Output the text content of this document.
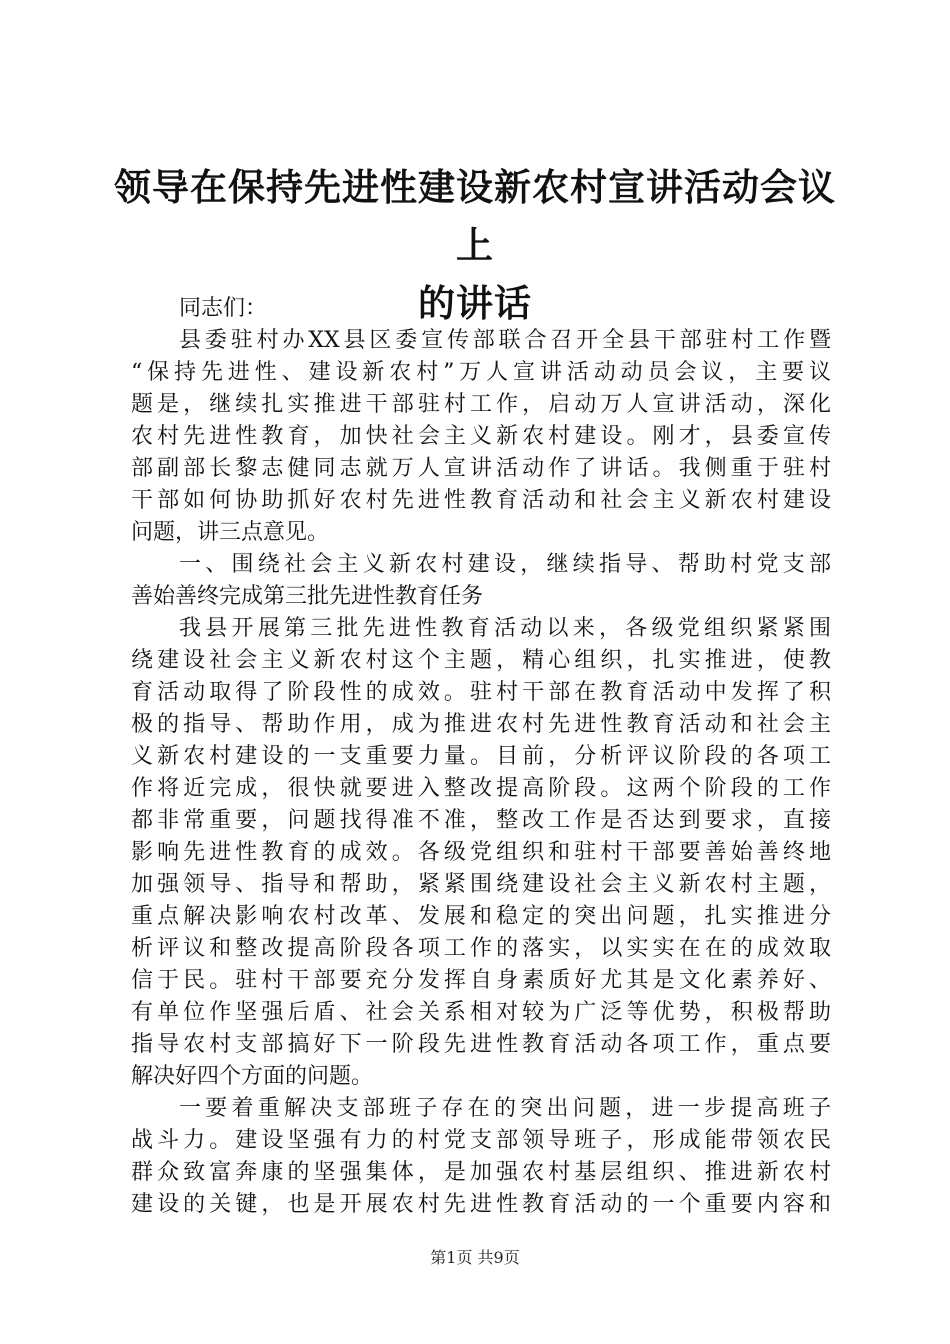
领导在保持先进性建设新农村宣讲活动会议上
的讲话
同志们：
县委驻村办XX县区委宣传部联合召开全县干部驻村工作暨
“保持先进性、建设新农村”万人宣讲活动动员会议，主要议
题是，继续扎实推进干部驻村工作，启动万人宣讲活动，深化
农村先进性教育，加快社会主义新农村建设。刚才，县委宣传
部副部长黎志健同志就万人宣讲活动作了讲话。我侧重于驻村
干部如何协助抓好农村先进性教育活动和社会主义新农村建设
问题，讲三点意见。
一、围绕社会主义新农村建设，继续指导、帮助村党支部
善始善终完成第三批先进性教育任务
我县开展第三批先进性教育活动以来，各级党组织紧紧围
绕建设社会主义新农村这个主题，精心组织，扎实推进，使教
育活动取得了阶段性的成效。驻村干部在教育活动中发挥了积
极的指导、帮助作用，成为推进农村先进性教育活动和社会主
义新农村建设的一支重要力量。目前，分析评议阶段的各项工
作将近完成，很快就要进入整改提高阶段。这两个阶段的工作
都非常重要，问题找得准不准，整改工作是否达到要求，直接
影响先进性教育的成效。各级党组织和驻村干部要善始善终地
加强领导、指导和帮助，紧紧围绕建设社会主义新农村主题，
重点解决影响农村改革、发展和稳定的突出问题，扎实推进分
析评议和整改提高阶段各项工作的落实，以实实在在的成效取
信于民。驻村干部要充分发挥自身素质好尤其是文化素养好、
有单位作坚强后盾、社会关系相对较为广泛等优势，积极帮助
指导农村支部搞好下一阶段先进性教育活动各项工作，重点要
解决好四个方面的问题。
一要着重解决支部班子存在的突出问题，进一步提高班子
战斗力。建设坚强有力的村党支部领导班子，形成能带领农民
群众致富奔康的坚强集体，是加强农村基层组织、推进新农村
建设的关键，也是开展农村先进性教育活动的一个重要内容和
第1页 共9页
